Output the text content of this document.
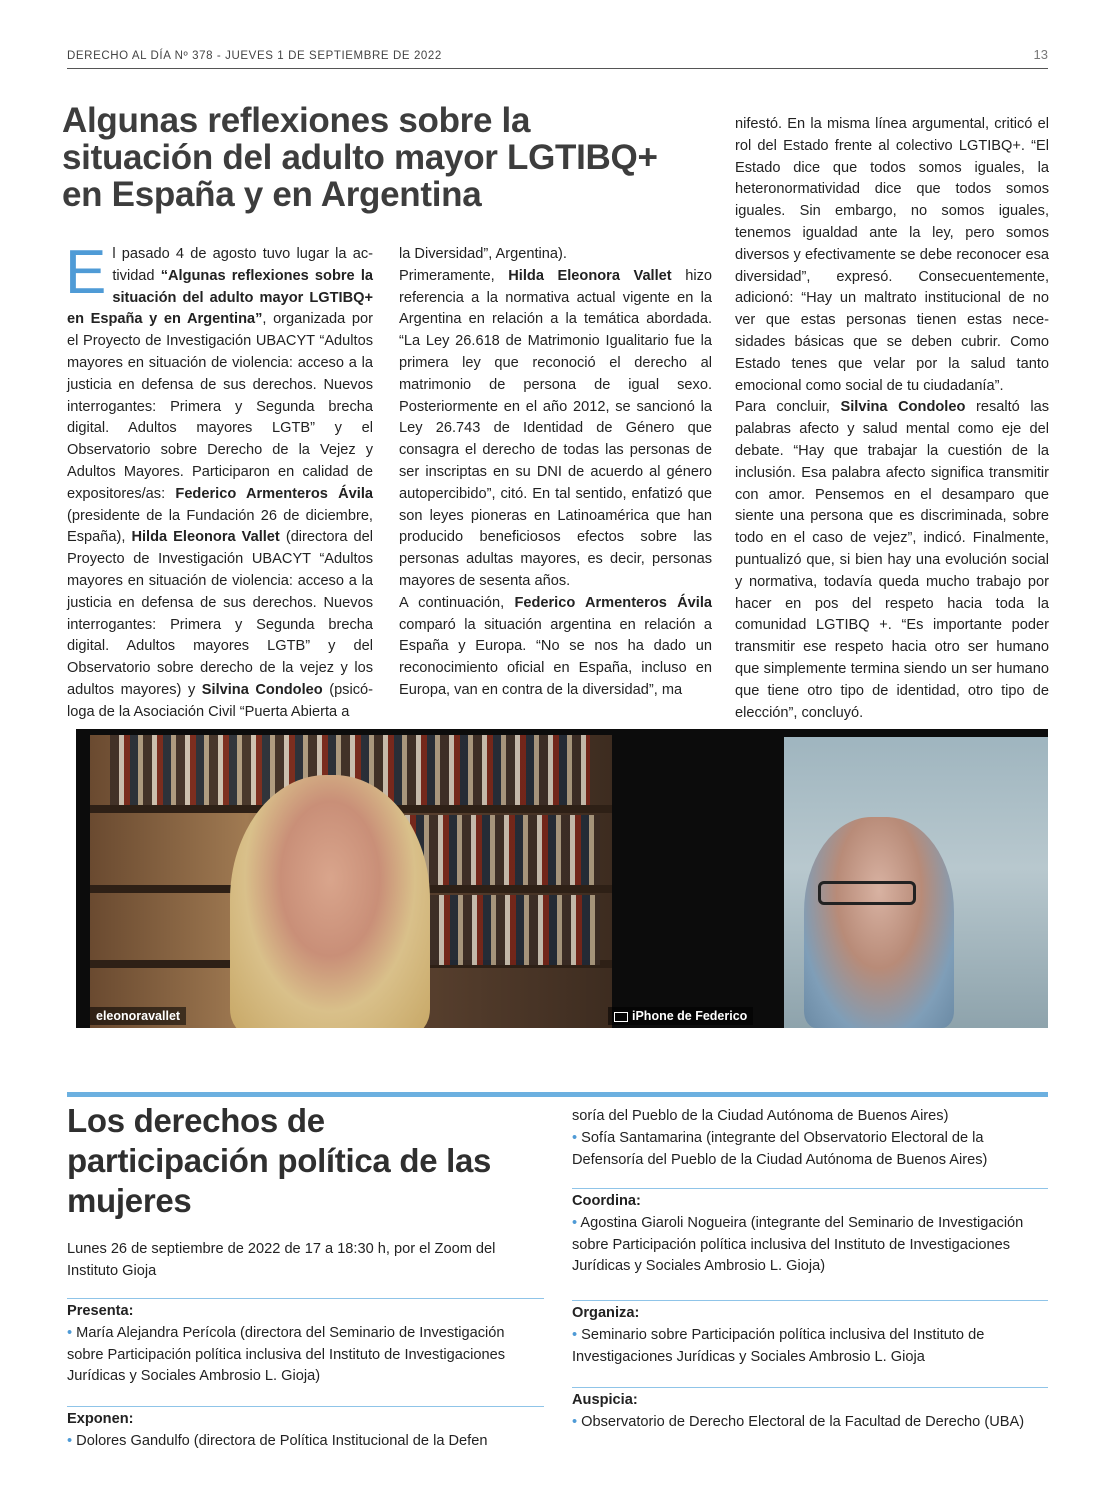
DERECHO AL DÍA Nº 378 - JUEVES 1 DE SEPTIEMBRE DE 2022	13
Algunas reflexiones sobre la
situación del adulto mayor LGTIBQ+
en España y en Argentina

El pasado 4 de agosto tuvo lugar la actividad “Algunas reflexiones sobre la situación del adulto mayor LGTIBQ+ en España y en Argentina”, organizada por el Proyecto de Investigación UBACYT “Adultos mayores en situación de violencia: acceso a la justicia en defensa de sus derechos. Nuevos interrogantes: Primera y Segunda brecha digital. Adultos mayores LGTB” y el Observatorio sobre Derecho de la Vejez y Adultos Mayores. Participaron en calidad de expositores/as: Federico Armenteros Ávila (presidente de la Fundación 26 de diciembre, España), Hilda Eleonora Vallet (directora del Proyecto de Investigación UBACYT “Adultos mayores en situación de violencia: acceso a la justicia en defensa de sus derechos. Nuevos interrogantes: Primera y Segunda brecha digital. Adultos mayores LGTB” y del Observatorio sobre derecho de la vejez y los adultos mayores) y Silvina Condoleo (psicóloga de la Asociación Civil “Puerta Abierta a

la Diversidad”, Argentina).

Primeramente, Hilda Eleonora Vallet hizo referencia a la normativa actual vigente en la Argentina en relación a la temática abordada. “La Ley 26.618 de Matrimonio Igualitario fue la primera ley que reconoció el derecho al matrimonio de persona de igual sexo. Posteriormente en el año 2012, se sancionó la Ley 26.743 de Identidad de Género que consagra el derecho de todas las personas de ser inscriptas en su DNI de acuerdo al género autopercibido”, citó. En tal sentido, enfatizó que son leyes pioneras en Latinoamérica que han producido beneficiosos efectos sobre las personas adultas mayores, es decir, personas mayores de sesenta años.

A continuación, Federico Armenteros Ávila comparó la situación argentina en relación a España y Europa. “No se nos ha dado un reconocimiento oficial en España, incluso en Europa, van en contra de la diversidad”, ma

nifestó. En la misma línea argumental, criticó el rol del Estado frente al colectivo LGTIBQ+. “El Estado dice que todos somos iguales, la heteronormatividad dice que todos somos iguales. Sin embargo, no somos iguales, tenemos igualdad ante la ley, pero somos diversos y efectivamente se debe reconocer esa diversidad”, expresó. Consecuentemente, adicionó: “Hay un maltrato institucional de no ver que estas personas tienen estas necesidades básicas que se deben cubrir. Como Estado tenes que velar por la salud tanto emocional como social de tu ciudadanía”.

Para concluir, Silvina Condoleo resaltó las palabras afecto y salud mental como eje del debate. “Hay que trabajar la cuestión de la inclusión. Esa palabra afecto significa transmitir con amor. Pensemos en el desamparo que siente una persona que es discriminada, sobre todo en el caso de vejez”, indicó. Finalmente, puntualizó que, si bien hay una evolución social y normativa, todavía queda mucho trabajo por hacer en pos del respeto hacia toda la comunidad LGTIBQ +. “Es importante poder transmitir ese respeto hacia otro ser humano que simplemente termina siendo un ser humano que tiene otro tipo de identidad, otro tipo de elección”, concluyó.

eleonoravallet	iPhone de Federico
Los derechos de
participación política de las
mujeres
Lunes 26 de septiembre de 2022 de 17 a 18:30 h, por el Zoom del Instituto Gioja
Presenta:
• María Alejandra Perícola (directora del Seminario de Investigación sobre Participación política inclusiva del Instituto de Investigaciones Jurídicas y Sociales Ambrosio L. Gioja)
Exponen:
• Dolores Gandulfo (directora de Política Institucional de la Defen
soría del Pueblo de la Ciudad Autónoma de Buenos Aires)
• Sofía Santamarina (integrante del Observatorio Electoral de la Defensoría del Pueblo de la Ciudad Autónoma de Buenos Aires)
Coordina:
• Agostina Giaroli Nogueira (integrante del Seminario de Investigación sobre Participación política inclusiva del Instituto de Investigaciones Jurídicas y Sociales Ambrosio L. Gioja)
Organiza:
• Seminario sobre Participación política inclusiva del Instituto de Investigaciones Jurídicas y Sociales Ambrosio L. Gioja
Auspicia:
• Observatorio de Derecho Electoral de la Facultad de Derecho (UBA)
